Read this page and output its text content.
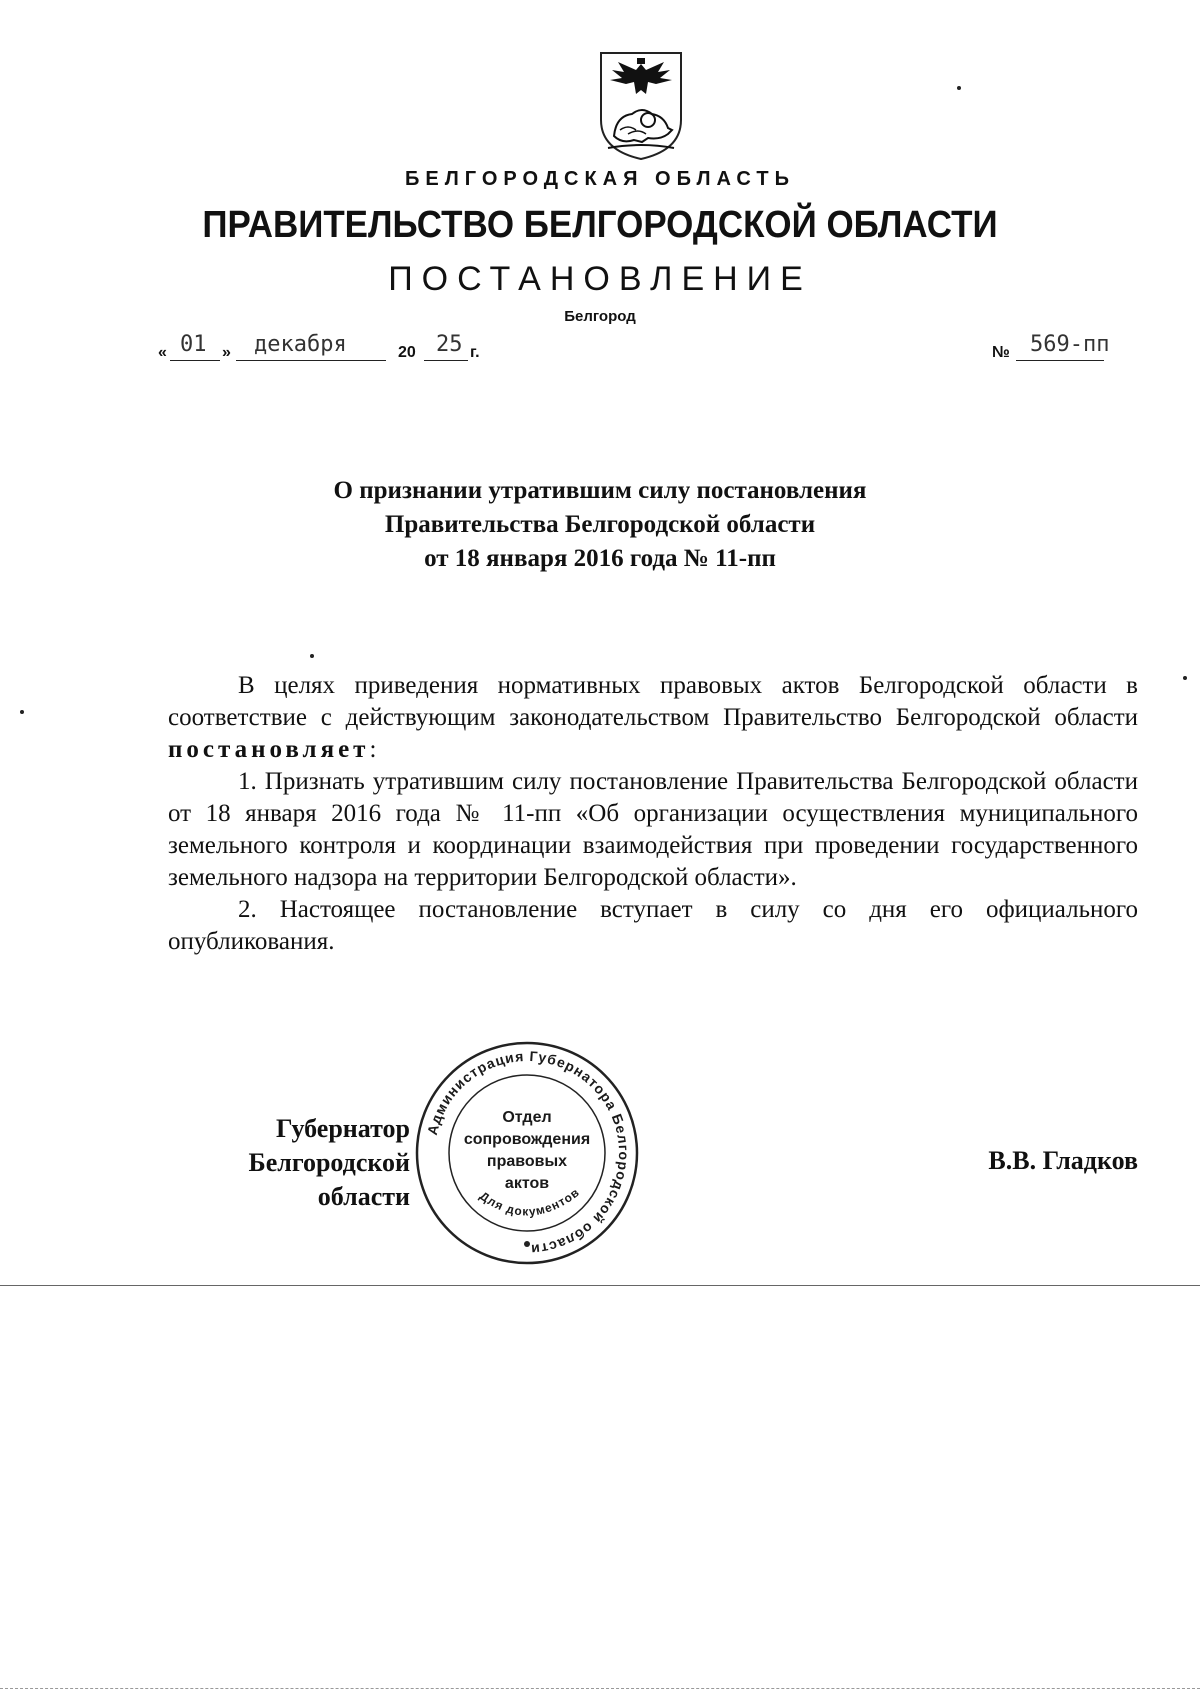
БЕЛГОРОДСКАЯ ОБЛАСТЬ
ПРАВИТЕЛЬСТВО БЕЛГОРОДСКОЙ ОБЛАСТИ
ПОСТАНОВЛЕНИЕ
Белгород
« 01 » декабря	20 25 г.	№ 569-пп
О признании утратившим силу постановления
Правительства Белгородской области
от 18 января 2016 года № 11-пп

В целях приведения нормативных правовых актов Белгородской области в соответствие с действующим законодательством Правительство Белгородской области постановляет:

1. Признать утратившим силу постановление Правительства Белгородской области от 18 января 2016 года № 11-пп «Об организации осуществления муниципального земельного контроля и координации взаимодействия при проведении государственного земельного надзора на территории Белгородской области».

2. Настоящее постановление вступает в силу со дня его официального опубликования.

Губернатор
Белгородской области
В.В. Гладков
Администрация Губернатора Белгородской области
Для документов
Отдел
сопровождения
правовых
актов
